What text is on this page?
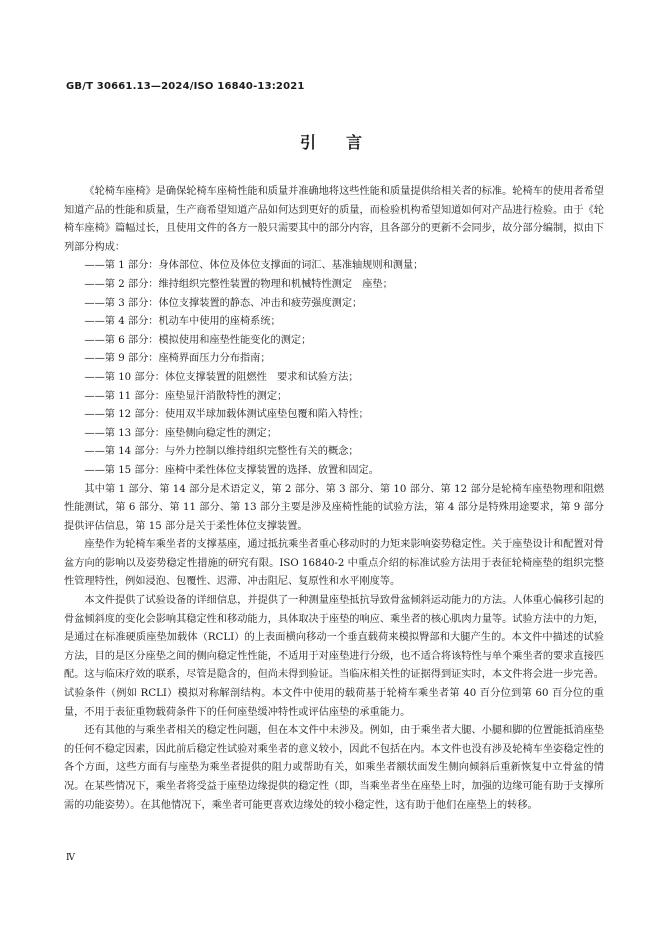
GB/T 30661.13—2024/ISO 16840-13:2021
引言

《轮椅车座椅》是确保轮椅车座椅性能和质量并准确地将这些性能和质量提供给相关者的标准。轮椅车的使用者希望知道产品的性能和质量，生产商希望知道产品如何达到更好的质量，而检验机构希望知道如何对产品进行检验。由于《轮椅车座椅》篇幅过长，且使用文件的各方一般只需要其中的部分内容，且各部分的更新不会同步，故分部分编制，拟由下列部分构成：

——第 1 部分：身体部位、体位及体位支撑面的词汇、基准轴规则和测量；
——第 2 部分：维持组织完整性装置的物理和机械特性测定　座垫；
——第 3 部分：体位支撑装置的静态、冲击和疲劳强度测定；
——第 4 部分：机动车中使用的座椅系统；
——第 6 部分：模拟使用和座垫性能变化的测定；
——第 9 部分：座椅界面压力分布指南；
——第 10 部分：体位支撑装置的阻燃性　要求和试验方法；
——第 11 部分：座垫显汗消散特性的测定；
——第 12 部分：使用双半球加载体测试座垫包覆和陷入特性；
——第 13 部分：座垫侧向稳定性的测定；
——第 14 部分：与外力控制以维持组织完整性有关的概念；
——第 15 部分：座椅中柔性体位支撑装置的选择、放置和固定。

其中第 1 部分、第 14 部分是术语定义，第 2 部分、第 3 部分、第 10 部分、第 12 部分是轮椅车座垫物理和阻燃性能测试，第 6 部分、第 11 部分、第 13 部分主要是涉及座椅性能的试验方法，第 4 部分是特殊用途要求，第 9 部分提供评估信息，第 15 部分是关于柔性体位支撑装置。

座垫作为轮椅车乘坐者的支撑基座，通过抵抗乘坐者重心移动时的力矩来影响姿势稳定性。关于座垫设计和配置对骨盆方向的影响以及姿势稳定性措施的研究有限。ISO 16840-2 中重点介绍的标准试验方法用于表征轮椅座垫的组织完整性管理特性，例如浸泡、包覆性、迟滞、冲击阻尼、复原性和水平刚度等。

本文件提供了试验设备的详细信息，并提供了一种测量座垫抵抗导致骨盆倾斜运动能力的方法。人体重心偏移引起的骨盆倾斜度的变化会影响其稳定性和移动能力，具体取决于座垫的响应、乘坐者的核心肌肉力量等。试验方法中的力矩，是通过在标准硬质座垫加载体（RCLI）的上表面横向移动一个垂直载荷来模拟臀部和大腿产生的。本文件中描述的试验方法，目的是区分座垫之间的侧向稳定性性能，不适用于对座垫进行分级，也不适合将该特性与单个乘坐者的要求直接匹配。这与临床疗效的联系，尽管是隐含的，但尚未得到验证。当临床相关性的证据得到证实时，本文件将会进一步完善。试验条件（例如 RCLI）模拟对称解剖结构。本文件中使用的载荷基于轮椅车乘坐者第 40 百分位到第 60 百分位的重量，不用于表征重物载荷条件下的任何座垫缓冲特性或评估座垫的承重能力。

还有其他的与乘坐者相关的稳定性问题，但在本文件中未涉及。例如，由于乘坐者大腿、小腿和脚的位置能抵消座垫的任何不稳定因素，因此前后稳定性试验对乘坐者的意义较小，因此不包括在内。本文件也没有涉及轮椅车坐姿稳定性的各个方面，这些方面有与座垫为乘坐者提供的阻力或帮助有关，如乘坐者额状面发生侧向倾斜后重新恢复中立骨盆的情况。在某些情况下，乘坐者将受益于座垫边缘提供的稳定性（即，当乘坐者坐在座垫上时，加强的边缘可能有助于支撑所需的功能姿势）。在其他情况下，乘坐者可能更喜欢边缘处的较小稳定性，这有助于他们在座垫上的转移。

Ⅳ
